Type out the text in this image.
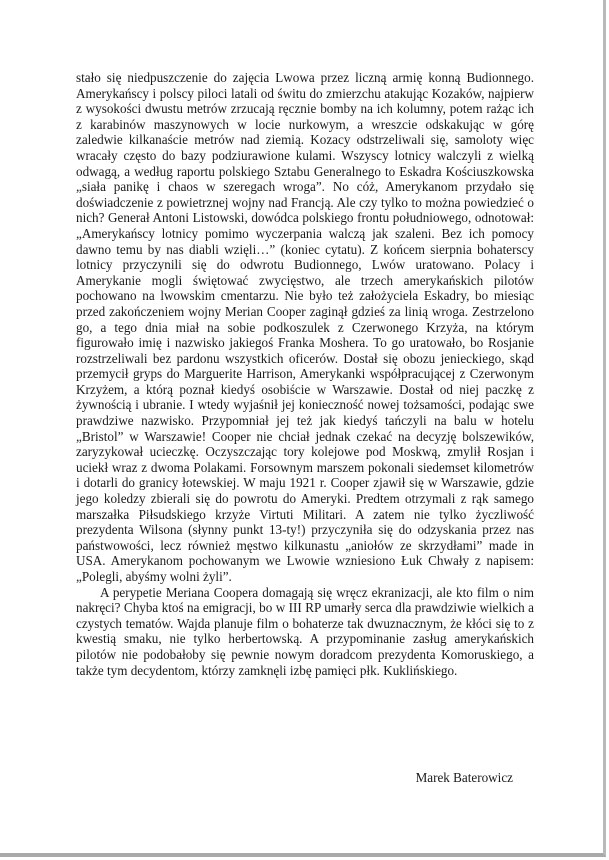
stało się niedpuszczenie do zajęcia Lwowa przez liczną armię konną Budionnego. Amerykańscy i polscy piloci latali od świtu do zmierzchu atakując Kozaków, najpierw z wysokości dwustu metrów zrzucają ręcznie bomby na ich kolumny, potem rażąc ich z karabinów maszynowych w locie nurkowym, a wreszcie odskakując w górę zaledwie kilkanaście metrów nad ziemią. Kozacy odstrzeliwali się, samoloty więc wracały często do bazy podziurawione kulami. Wszyscy lotnicy walczyli z wielką odwagą, a według raportu polskiego Sztabu Generalnego to Eskadra Kościuszkowska „siała panikę i chaos w szeregach wroga”. No cóż, Amerykanom przydało się doświadczenie z powietrznej wojny nad Francją. Ale czy tylko to można powiedzieć o nich? Generał Antoni Listowski, dowódca polskiego frontu południowego, odnotował: „Amerykańscy lotnicy pomimo wyczerpania walczą jak szaleni. Bez ich pomocy dawno temu by nas diabli wzięli…” (koniec cytatu). Z końcem sierpnia bohaterscy lotnicy przyczynili się do odwrotu Budionnego, Lwów uratowano. Polacy i Amerykanie mogli świętować zwycięstwo, ale trzech amerykańskich pilotów pochowano na lwowskim cmentarzu. Nie było też założyciela Eskadry, bo miesiąc przed zakończeniem wojny Merian Cooper zaginął gdzieś za linią wroga. Zestrzelono go, a tego dnia miał na sobie podkoszulek z Czerwonego Krzyża, na którym figurowało imię i nazwisko jakiegoś Franka Moshera. To go uratowało, bo Rosjanie rozstrzeliwali bez pardonu wszystkich oficerów. Dostał się obozu jenieckiego, skąd przemycił gryps do Marguerite Harrison, Amerykanki współpracującej z Czerwonym Krzyżem, a którą poznał kiedyś osobiście w Warszawie. Dostał od niej paczkę z żywnością i ubranie. I wtedy wyjaśnił jej konieczność nowej tożsamości, podając swe prawdziwe nazwisko. Przypomniał jej też jak kiedyś tańczyli na balu w hotelu „Bristol” w Warszawie! Cooper nie chciał jednak czekać na decyzję bolszewików, zaryzykował ucieczkę. Oczyszczając tory kolejowe pod Moskwą, zmylił Rosjan i uciekł wraz z dwoma Polakami. Forsownym marszem pokonali siedemset kilometrów i dotarli do granicy łotewskiej. W maju 1921 r. Cooper zjawił się w Warszawie, gdzie jego koledzy zbierali się do powrotu do Ameryki. Predtem otrzymali z rąk samego marszałka Piłsudskiego krzyże Virtuti Militari. A zatem nie tylko życzliwość prezydenta Wilsona (słynny punkt 13-ty!) przyczyniła się do odzyskania przez nas państwowości, lecz również męstwo kilkunastu „aniołów ze skrzydłami” made in USA. Amerykanom pochowanym we Lwowie wzniesiono Łuk Chwały z napisem: „Polegli, abyśmy wolni żyli”.

A perypetie Meriana Coopera domagają się wręcz ekranizacji, ale kto film o nim nakręci? Chyba ktoś na emigracji, bo w III RP umarły serca dla prawdziwie wielkich a czystych tematów. Wajda planuje film o bohaterze tak dwuznacznym, że kłóci się to z kwestią smaku, nie tylko herbertowską. A przypominanie zasług amerykańskich pilotów nie podobałoby się pewnie nowym doradcom prezydenta Komoruskiego, a także tym decydentom, którzy zamknęli izbę pamięci płk. Kuklińskiego.

Marek Baterowicz
